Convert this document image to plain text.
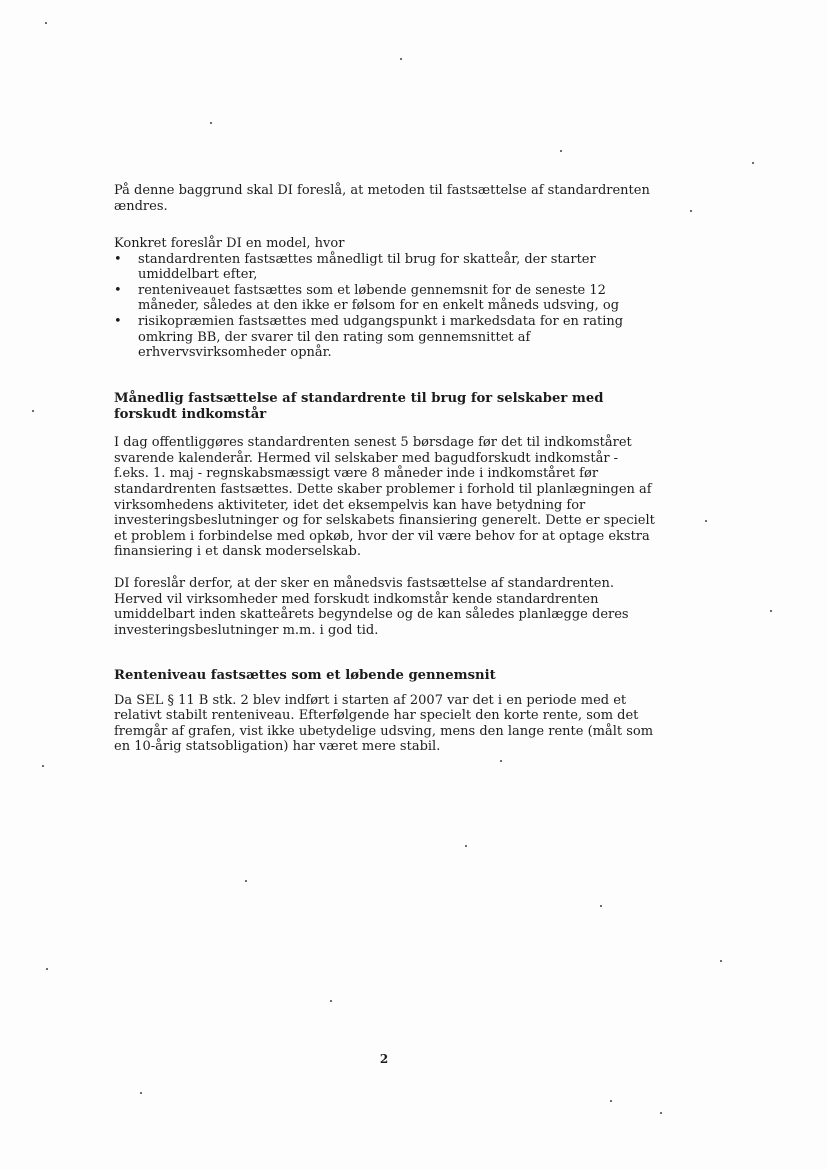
På denne baggrund skal DI foreslå, at metoden til fastsættelse af standardrenten ændres.

Konkret foreslår DI en model, hvor

• standardrenten fastsættes månedligt til brug for skatteår, der starter umiddelbart efter,
• renteniveauet fastsættes som et løbende gennemsnit for de seneste 12 måneder, således at den ikke er følsom for en enkelt måneds udsving, og
• risikopræmien fastsættes med udgangspunkt i markedsdata for en rating omkring BB, der svarer til den rating som gennemsnittet af erhvervsvirksomheder opnår.
Månedlig fastsættelse af standardrente til brug for selskaber med forskudt indkomstår

I dag offentliggøres standardrenten senest 5 børsdage før det til indkomståret svarende kalenderår. Hermed vil selskaber med bagudforskudt indkomstår - f.eks. 1. maj - regnskabsmæssigt være 8 måneder inde i indkomståret før standardrenten fastsættes. Dette skaber problemer i forhold til planlægningen af virksomhedens aktiviteter, idet det eksempelvis kan have betydning for investeringsbeslutninger og for selskabets finansiering generelt. Dette er specielt et problem i forbindelse med opkøb, hvor der vil være behov for at optage ekstra finansiering i et dansk moderselskab.

DI foreslår derfor, at der sker en månedsvis fastsættelse af standardrenten. Herved vil virksomheder med forskudt indkomstår kende standardrenten umiddelbart inden skatteårets begyndelse og de kan således planlægge deres investeringsbeslutninger m.m. i god tid.

Renteniveau fastsættes som et løbende gennemsnit

Da SEL § 11 B stk. 2 blev indført i starten af 2007 var det i en periode med et relativt stabilt renteniveau. Efterfølgende har specielt den korte rente, som det fremgår af grafen, vist ikke ubetydelige udsving, mens den lange rente (målt som en 10-årig statsobligation) har været mere stabil.

2
